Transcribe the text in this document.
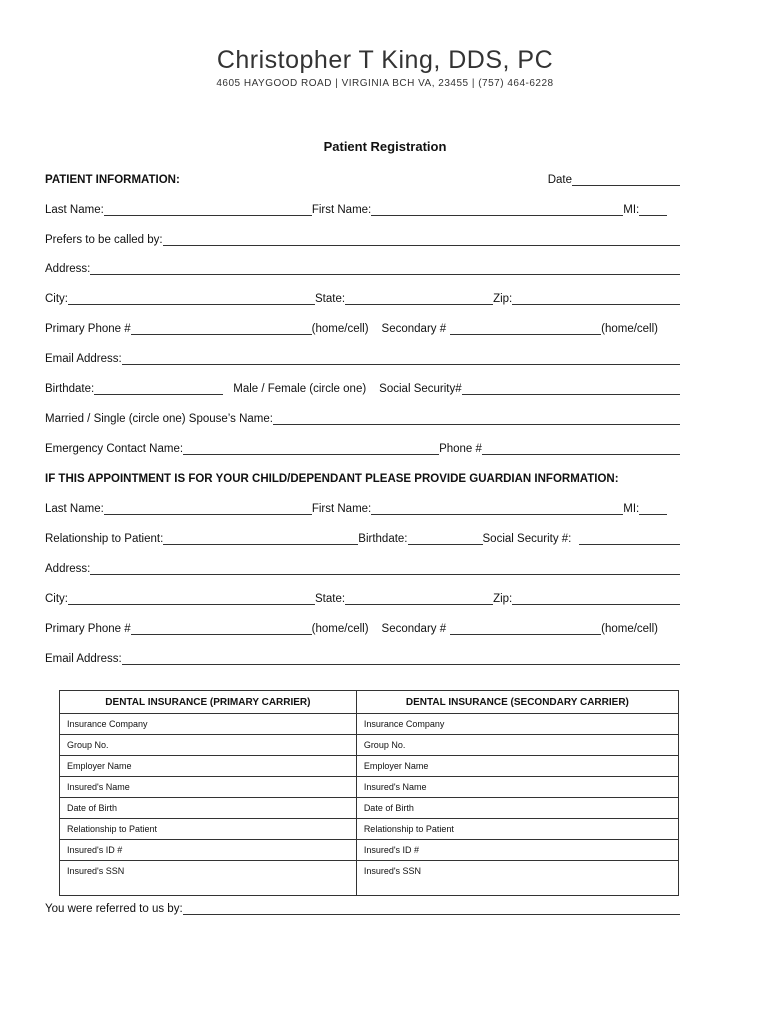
Christopher T King, DDS, PC
4605 HAYGOOD ROAD | VIRGINIA BCH VA, 23455 | (757) 464-6228
Patient Registration
PATIENT INFORMATION:	Date
Last Name:	First Name:	MI:
Prefers to be called by:
Address:
City:	State:	Zip:
Primary Phone #	(home/cell) Secondary #	(home/cell)
Email Address:
Birthdate:	Male / Female (circle one) Social Security#
Married / Single (circle one) Spouse’s Name:
Emergency Contact Name:	Phone #
IF THIS APPOINTMENT IS FOR YOUR CHILD/DEPENDANT PLEASE PROVIDE GUARDIAN INFORMATION:
Last Name:	First Name:	MI:
Relationship to Patient:	Birthdate:	Social Security #:
Address:
City:	State:	Zip:
Primary Phone #	(home/cell) Secondary #	(home/cell)
Email Address:
DENTAL INSURANCE (PRIMARY CARRIER)	DENTAL INSURANCE (SECONDARY CARRIER)
Insurance Company	Insurance Company
Group No.	Group No.
Employer Name	Employer Name
Insured's Name	Insured's Name
Date of Birth	Date of Birth
Relationship to Patient	Relationship to Patient
Insured's ID #	Insured's ID #
Insured's SSN	Insured's SSN

You were referred to us by:
